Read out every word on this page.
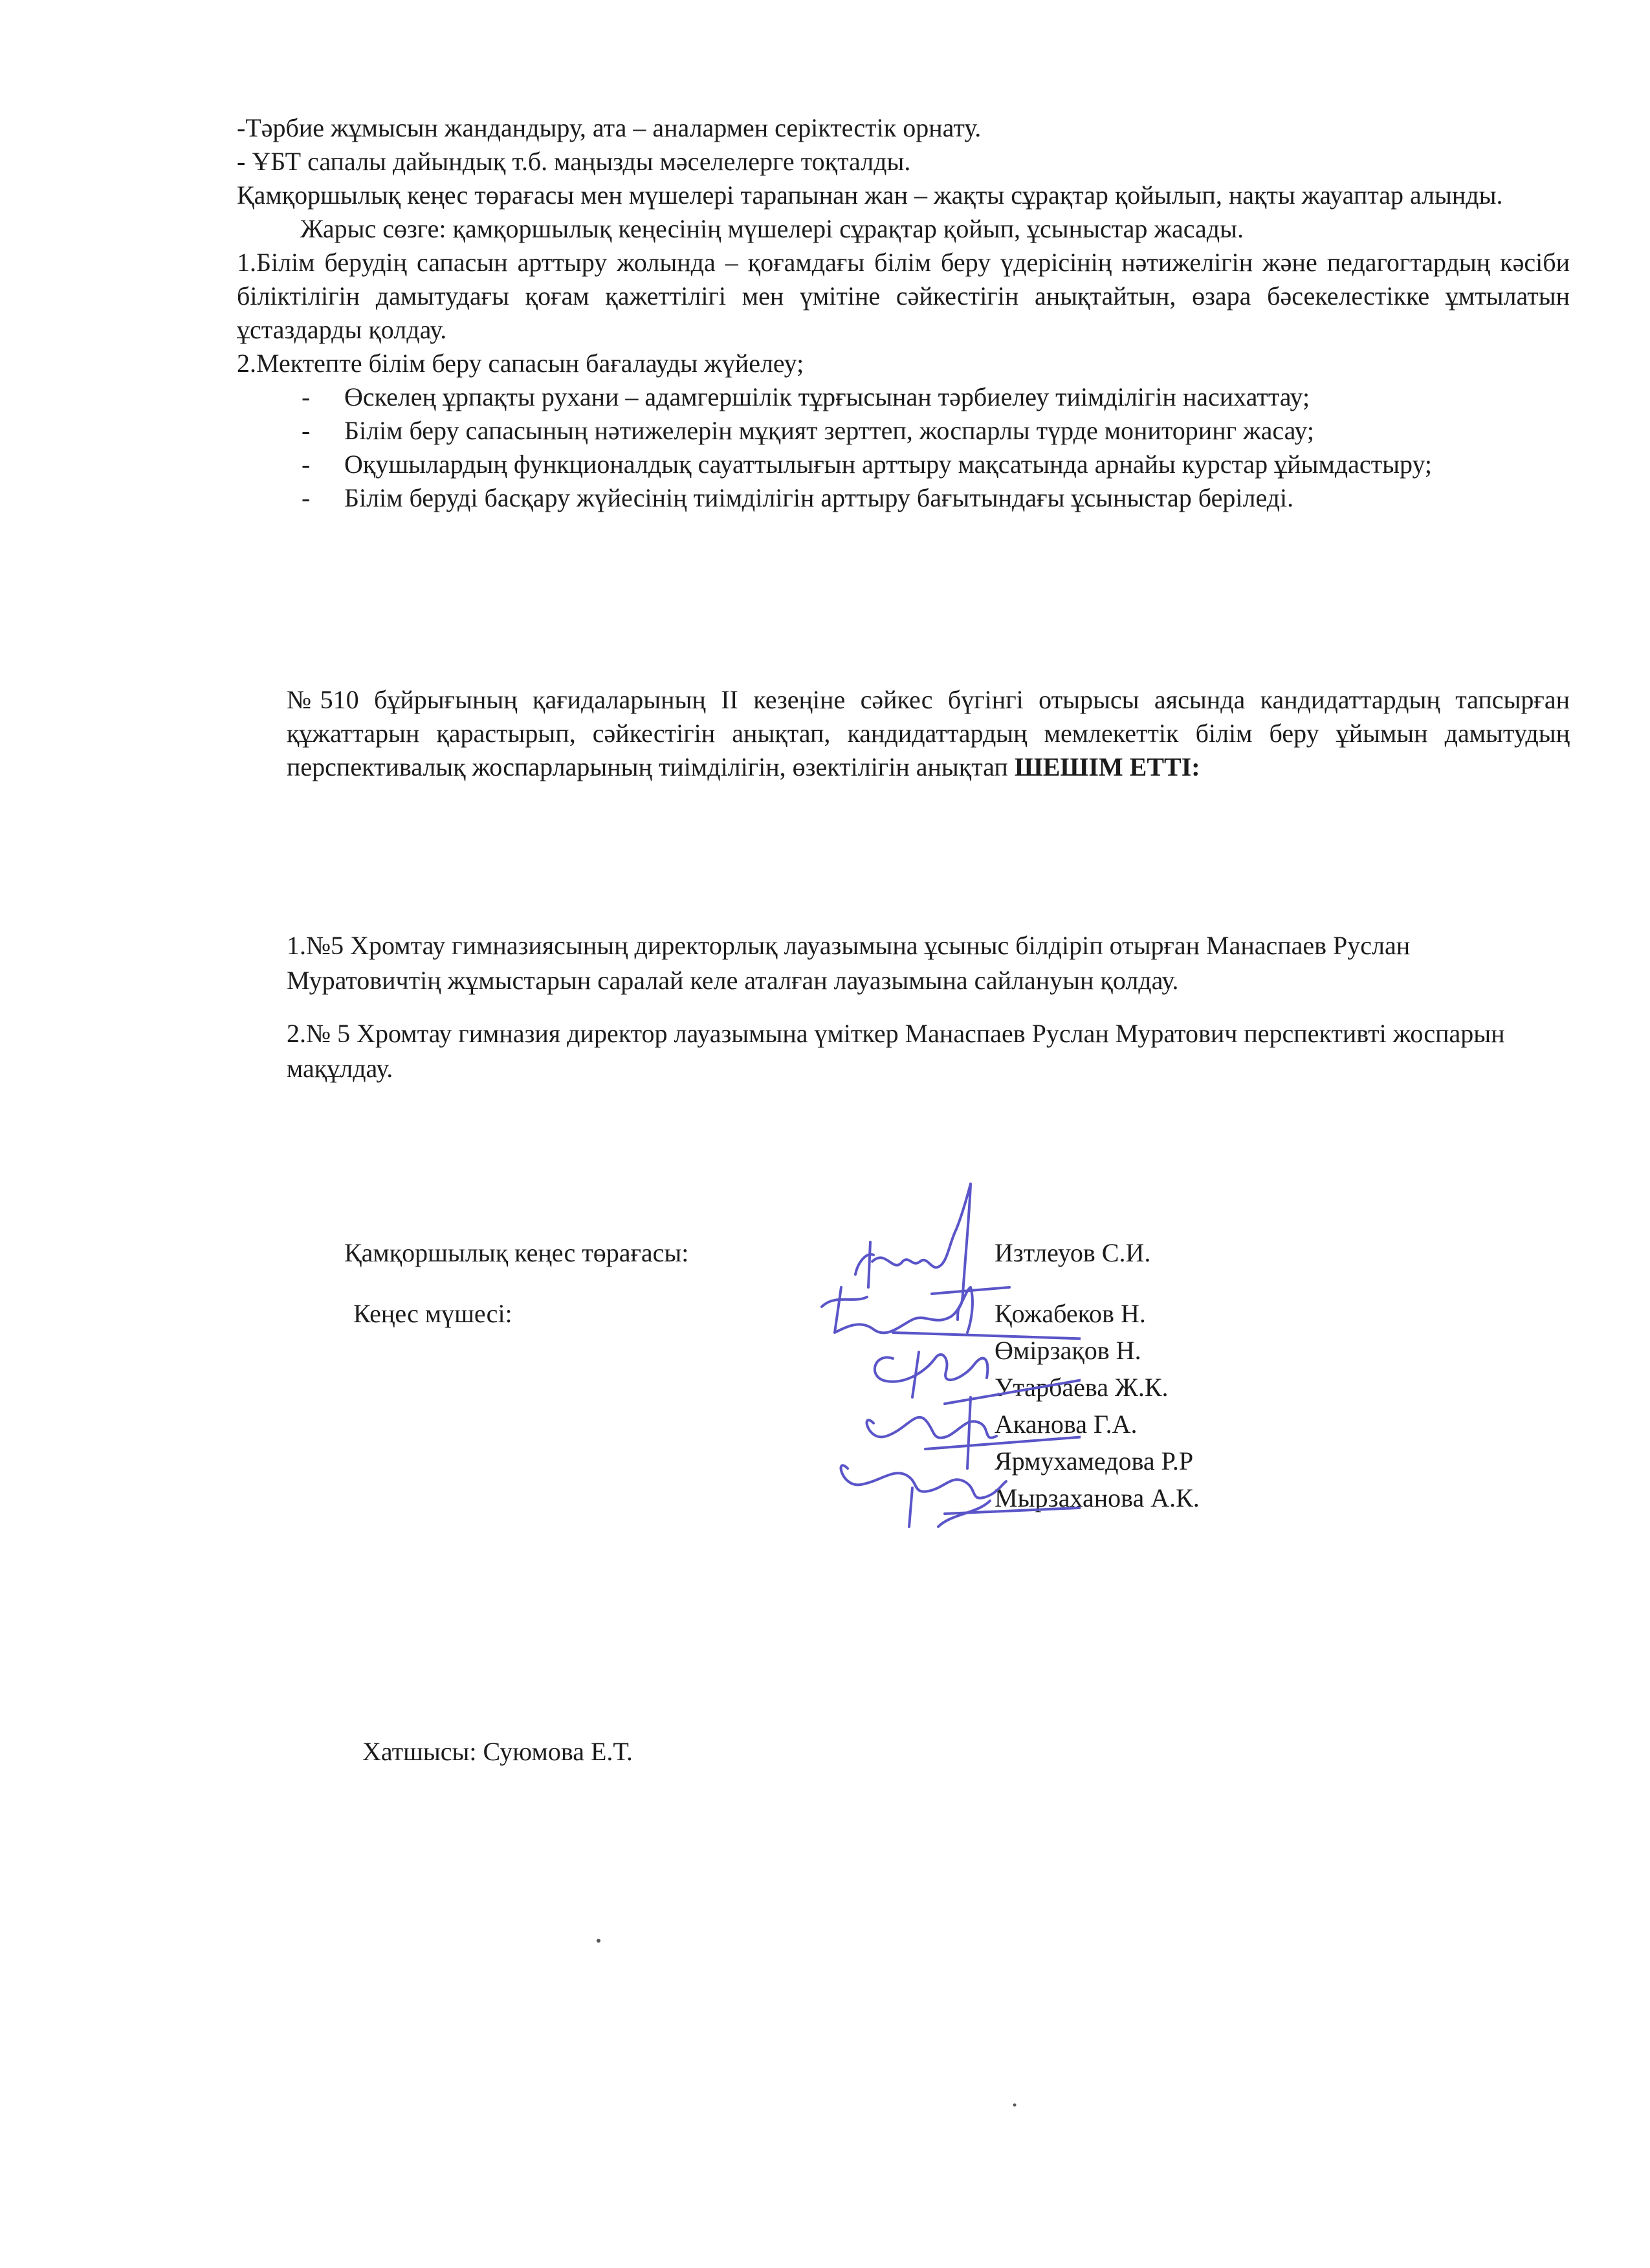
-Тәрбие жұмысын жандандыру, ата – аналармен серіктестік орнату.

- ҰБТ сапалы дайындық т.б. маңызды мәселелерге тоқталды.

Қамқоршылық кеңес төрағасы мен мүшелері тарапынан жан – жақты сұрақтар қойылып, нақты жауаптар алынды.

Жарыс сөзге: қамқоршылық кеңесінің мүшелері сұрақтар қойып, ұсыныстар жасады.

1.Білім берудің сапасын арттыру жолында – қоғамдағы білім беру үдерісінің нәтижелігін және педагогтардың кәсіби біліктілігін дамытудағы қоғам қажеттілігі мен үмітіне сәйкестігін анықтайтын, өзара бәсекелестікке ұмтылатын ұстаздарды қолдау.

2.Мектепте білім беру сапасын бағалауды жүйелеу;

- Өскелең ұрпақты рухани – адамгершілік тұрғысынан тәрбиелеу тиімділігін насихаттау;
- Білім беру сапасының нәтижелерін мұқият зерттеп, жоспарлы түрде мониторинг жасау;
- Оқушылардың функционалдық сауаттылығын арттыру мақсатында арнайы курстар ұйымдастыру;
- Білім беруді басқару жүйесінің тиімділігін арттыру бағытындағы ұсыныстар беріледі.

№510 бұйрығының қағидаларының ІІ кезеңіне сәйкес бүгінгі отырысы аясында кандидаттардың тапсырған құжаттарын қарастырып, сәйкестігін анықтап, кандидаттардың мемлекеттік білім беру ұйымын дамытудың перспективалық жоспарларының тиімділігін, өзектілігін анықтап ШЕШІМ ЕТТІ:

1.№5 Хромтау гимназиясының директорлық лауазымына ұсыныс білдіріп отырған Манаспаев Руслан Муратовичтің жұмыстарын саралай келе аталған лауазымына сайлануын қолдау.

2.№ 5 Хромтау гимназия директор лауазымына үміткер Манаспаев Руслан Муратович перспективті жоспарын мақұлдау.

Қамқоршылық кеңес төрағасы:	Изтлеуов С.И.
Кеңес мүшесі:	Қожабеков Н.
Өмірзақов Н.
Утарбаева Ж.К.
Аканова Г.А.
Ярмухамедова Р.Р
Мырзаханова А.К.
Хатшысы: Суюмова Е.Т.
